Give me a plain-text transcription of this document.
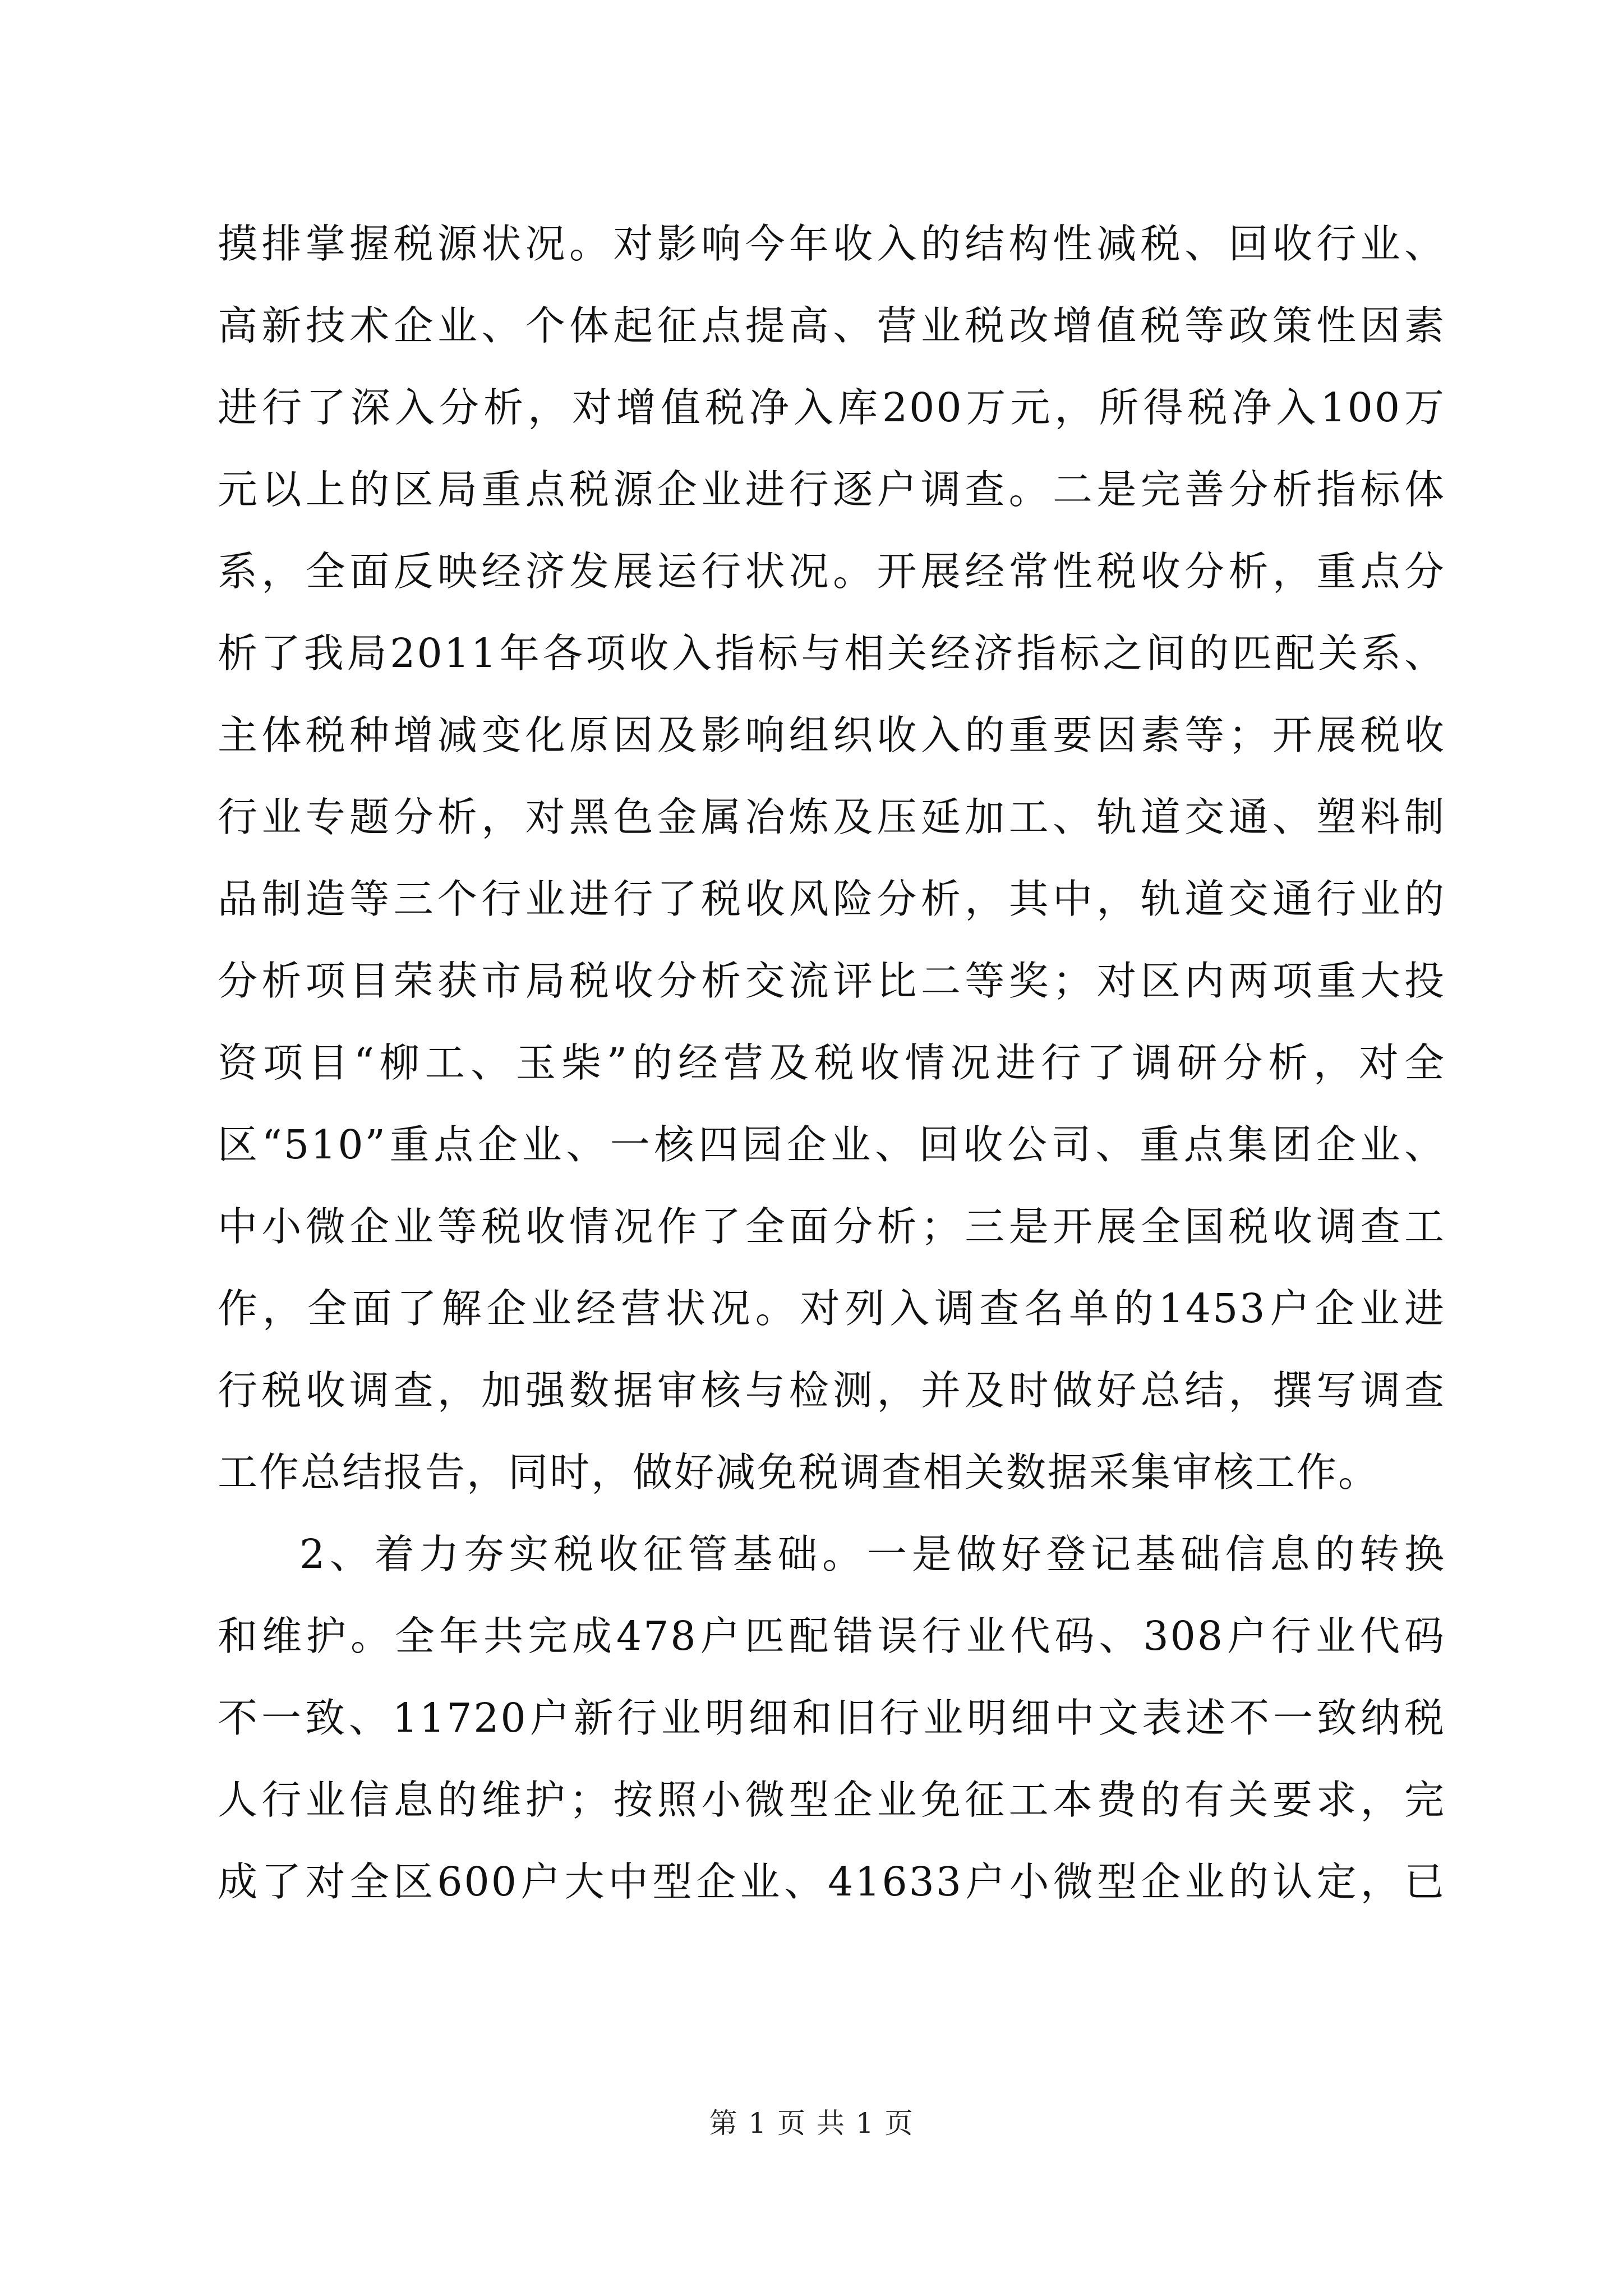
摸排掌握税源状况。对影响今年收入的结构性减税、回收行业、
高新技术企业、个体起征点提高、营业税改增值税等政策性因素
进行了深入分析，对增值税净入库200万元，所得税净入100万
元以上的区局重点税源企业进行逐户调查。二是完善分析指标体
系，全面反映经济发展运行状况。开展经常性税收分析，重点分
析了我局2011年各项收入指标与相关经济指标之间的匹配关系、
主体税种增减变化原因及影响组织收入的重要因素等；开展税收
行业专题分析，对黑色金属冶炼及压延加工、轨道交通、塑料制
品制造等三个行业进行了税收风险分析，其中，轨道交通行业的
分析项目荣获市局税收分析交流评比二等奖；对区内两项重大投
资项目“柳工、玉柴”的经营及税收情况进行了调研分析，对全
区“510”重点企业、一核四园企业、回收公司、重点集团企业、
中小微企业等税收情况作了全面分析；三是开展全国税收调查工
作，全面了解企业经营状况。对列入调查名单的1453户企业进
行税收调查，加强数据审核与检测，并及时做好总结，撰写调查
工作总结报告，同时，做好减免税调查相关数据采集审核工作。
2、着力夯实税收征管基础。一是做好登记基础信息的转换
和维护。全年共完成478户匹配错误行业代码、308户行业代码
不一致、11720户新行业明细和旧行业明细中文表述不一致纳税
人行业信息的维护；按照小微型企业免征工本费的有关要求，完
成了对全区600户大中型企业、41633户小微型企业的认定，已
第 1 页 共 1 页
